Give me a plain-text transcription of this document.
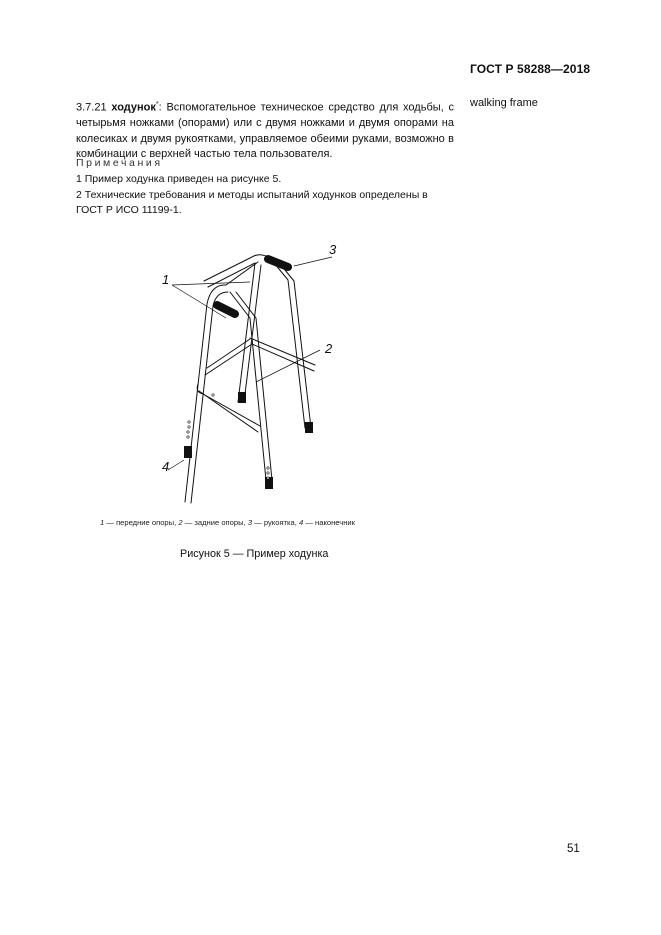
ГОСТ Р 58288—2018
3.7.21 ходунок*: Вспомогательное техническое средство для ходьбы, с четырьмя ножками (опорами) или с двумя ножками и двумя опорами на колесиках и двумя рукоятками, управляемое обеими руками, возможно в комбинации с верхней частью тела пользователя.
walking frame
Примечания
1 Пример ходунка приведен на рисунке 5.
2 Технические требования и методы испытаний ходунков определены в ГОСТ Р ИСО 11199-1.
1
2
3
4
1 — передние опоры, 2 — задние опоры, 3 — рукоятка, 4 — наконечник
Рисунок 5 — Пример ходунка
51
